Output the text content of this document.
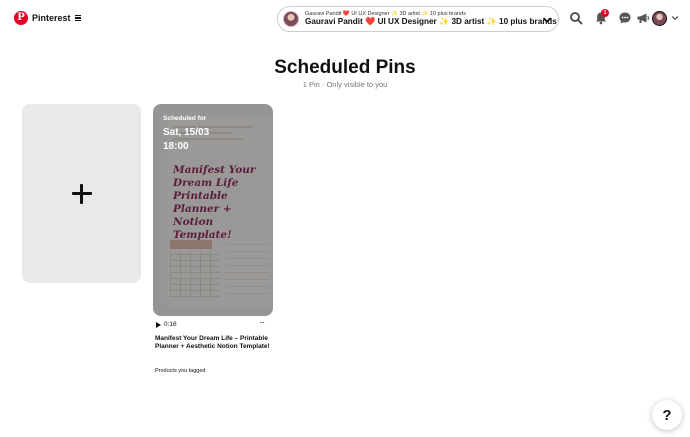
P Pinterest	Gauravi Pandit ❤️ UI UX Designer ✨ 3D artist ✨ 10 plus brands
Gauravi Pandit ❤️ UI UX Designer ✨ 3D artist ✨ 10 plus brands
1
Scheduled Pins
1 Pin · Only visible to you
Scheduled for
Sat, 15/03
18:00
Manifest Your Dream Life Printable Planner + Notion Template!
0:16	···
Manifest Your Dream Life – Printable Planner + Aesthetic Notion Template!
Products you tagged
?
